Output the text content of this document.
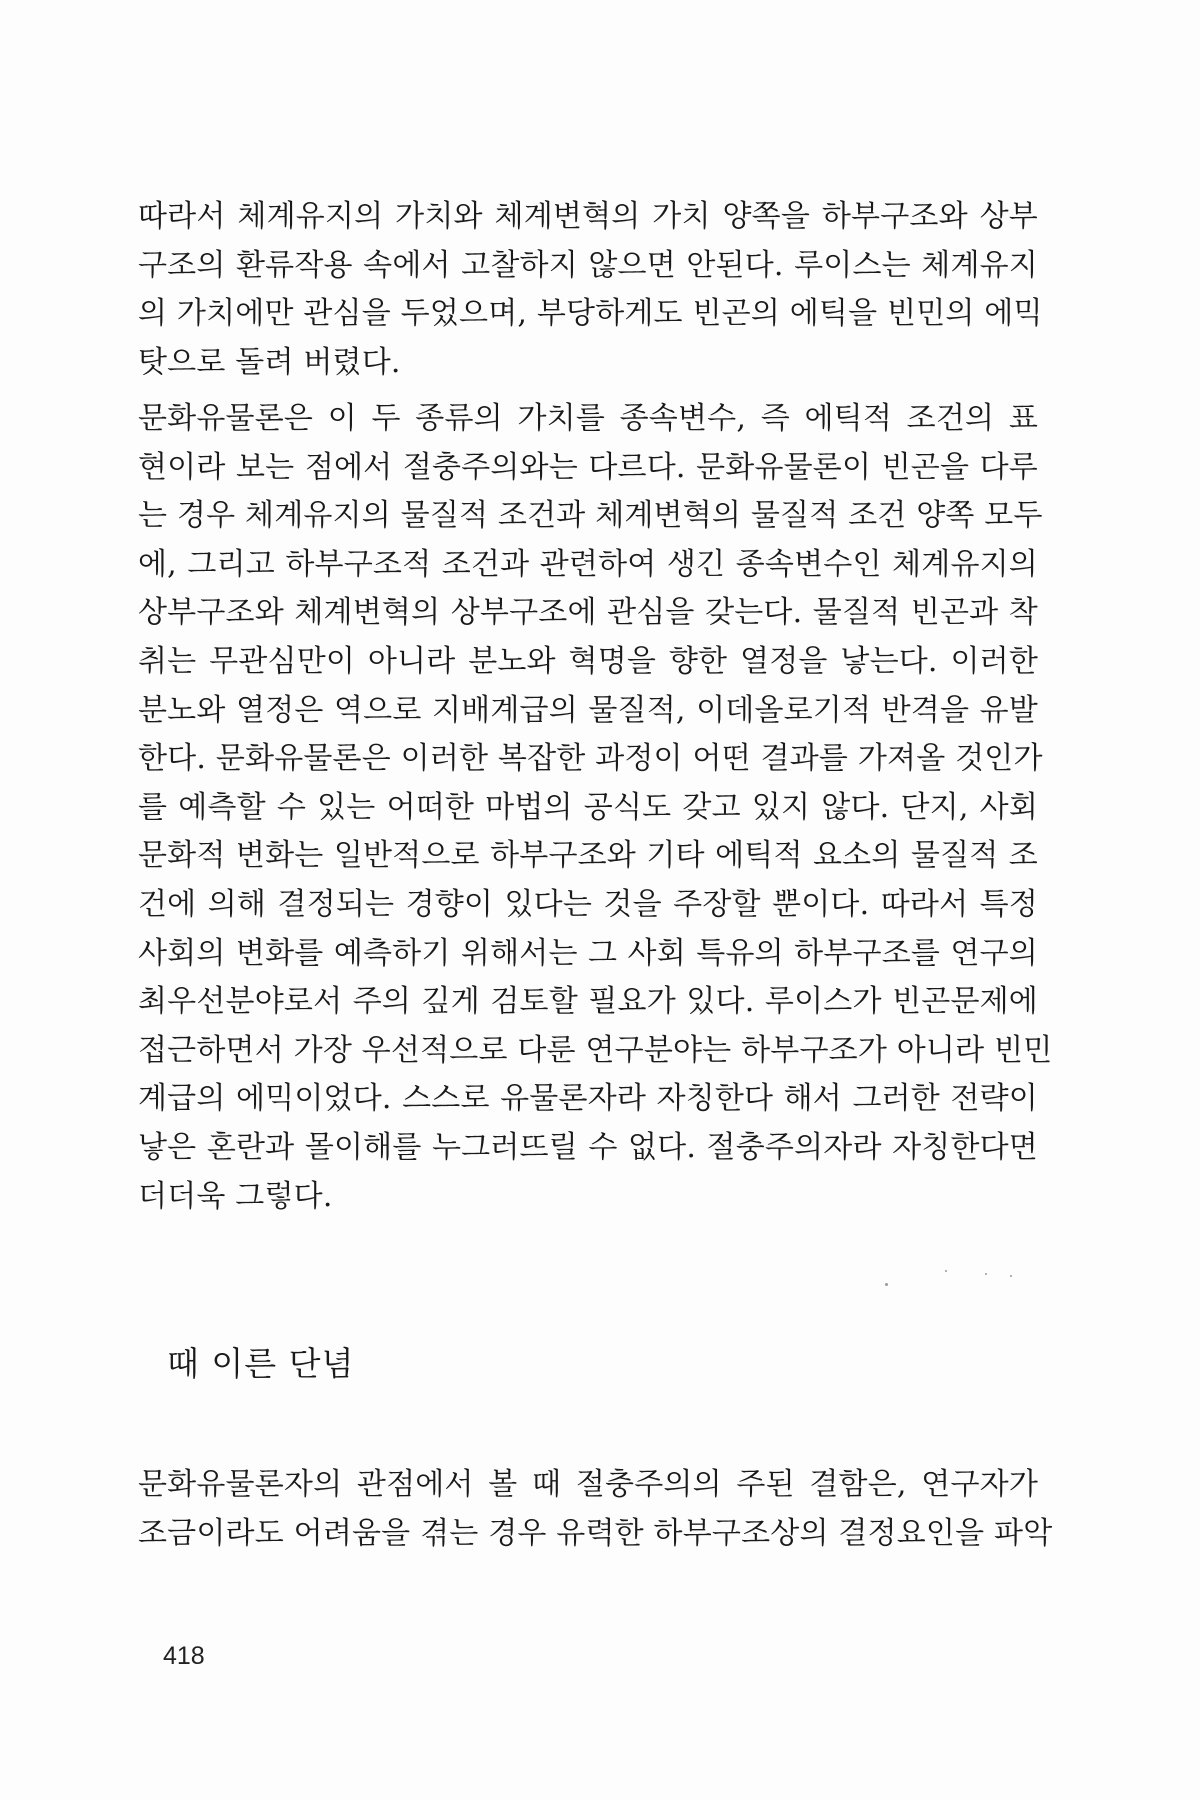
따라서 체계유지의 가치와 체계변혁의 가치 양쪽을 하부구조와 상부
구조의 환류작용 속에서 고찰하지 않으면 안된다. 루이스는 체계유지
의 가치에만 관심을 두었으며, 부당하게도 빈곤의 에틱을 빈민의 에믹
탓으로 돌려 버렸다.
문화유물론은 이 두 종류의 가치를 종속변수, 즉 에틱적 조건의 표
현이라 보는 점에서 절충주의와는 다르다. 문화유물론이 빈곤을 다루
는 경우 체계유지의 물질적 조건과 체계변혁의 물질적 조건 양쪽 모두
에, 그리고 하부구조적 조건과 관련하여 생긴 종속변수인 체계유지의
상부구조와 체계변혁의 상부구조에 관심을 갖는다. 물질적 빈곤과 착
취는 무관심만이 아니라 분노와 혁명을 향한 열정을 낳는다. 이러한
분노와 열정은 역으로 지배계급의 물질적, 이데올로기적 반격을 유발
한다. 문화유물론은 이러한 복잡한 과정이 어떤 결과를 가져올 것인가
를 예측할 수 있는 어떠한 마법의 공식도 갖고 있지 않다. 단지, 사회
문화적 변화는 일반적으로 하부구조와 기타 에틱적 요소의 물질적 조
건에 의해 결정되는 경향이 있다는 것을 주장할 뿐이다. 따라서 특정
사회의 변화를 예측하기 위해서는 그 사회 특유의 하부구조를 연구의
최우선분야로서 주의 깊게 검토할 필요가 있다. 루이스가 빈곤문제에
접근하면서 가장 우선적으로 다룬 연구분야는 하부구조가 아니라 빈민
계급의 에믹이었다. 스스로 유물론자라 자칭한다 해서 그러한 전략이
낳은 혼란과 몰이해를 누그러뜨릴 수 없다. 절충주의자라 자칭한다면
더더욱 그렇다.
때 이른 단념
문화유물론자의 관점에서 볼 때 절충주의의 주된 결함은, 연구자가
조금이라도 어려움을 겪는 경우 유력한 하부구조상의 결정요인을 파악
418
